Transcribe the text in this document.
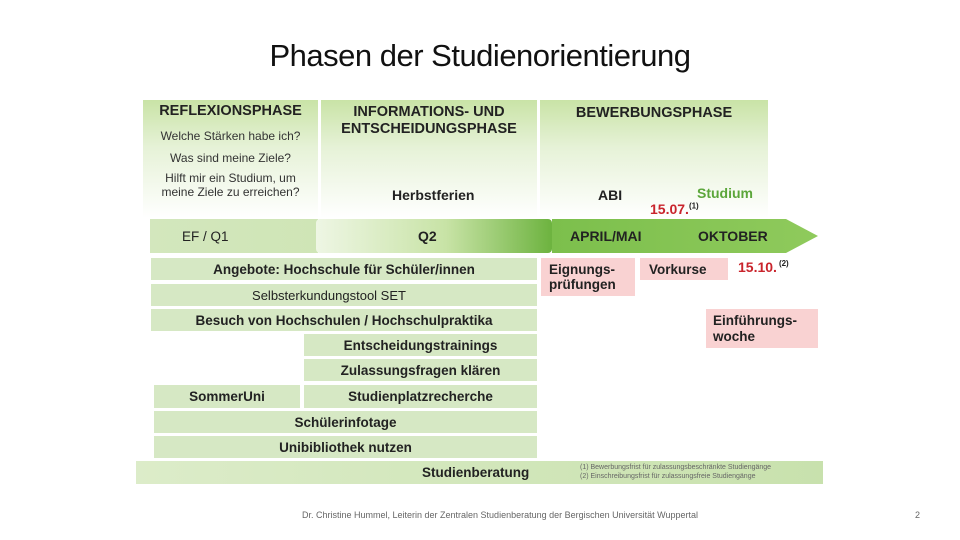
Phasen der Studienorientierung
REFLEXIONSPHASE
Welche Stärken habe ich?
Was sind meine Ziele?
Hilft mir ein Studium, um meine Ziele zu erreichen?
INFORMATIONS- UND
ENTSCHEIDUNGSPHASE
BEWERBUNGSPHASE
Herbstferien	ABI	Studium
15.07.$^{(1)}$
EF / Q1	Q2	APRIL/MAI	OKTOBER
Angebote: Hochschule für Schüler/innen
Selbsterkundungstool SET
Besuch von Hochschulen / Hochschulpraktika
Entscheidungstrainings
Zulassungsfragen klären
SommerUni	Studienplatzrecherche
Schülerinfotage
Unibibliothek nutzen
Studienberatung	(1) Bewerbungsfrist für zulassungsbeschränkte Studiengänge
(2) Einschreibungsfrist für zulassungsfreie Studiengänge
Eignungs-
prüfungen
Vorkurse	15.10. $^{(2)}$
Einführungs-
woche
Dr. Christine Hummel, Leiterin der Zentralen Studienberatung der Bergischen Universität Wuppertal	2
